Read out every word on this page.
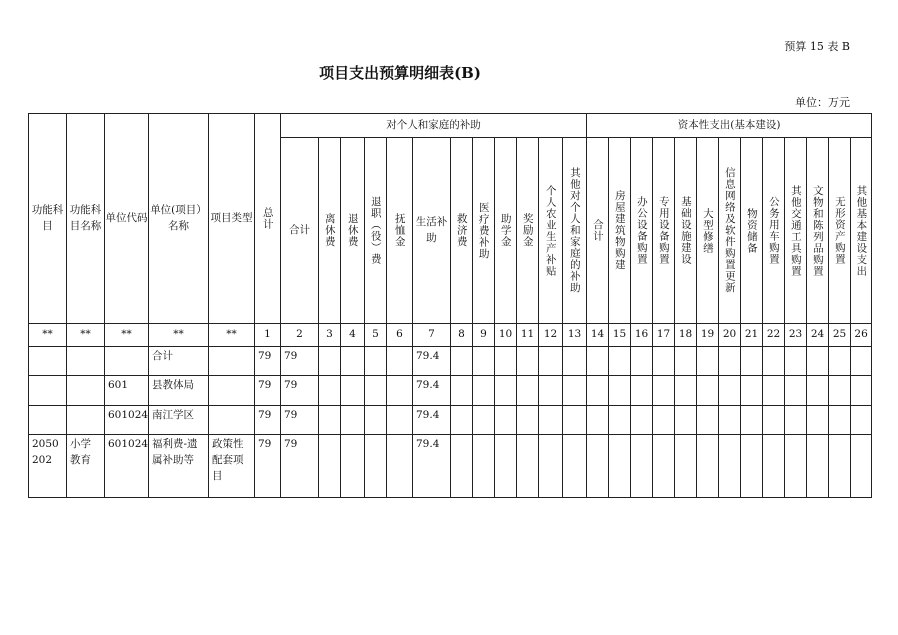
预算 15 表 B
项目支出预算明细表(B)
单位：万元
功能科目	功能科目名称	单位代码	单位(项目）名称	项目类型	总计	对个人和家庭的补助												资本性支出(基本建设)												
						合计	离休费	退休费	退职（役）费	抚恤金	生活补助	救济费	医疗费补助	助学金	奖励金	个人农业生产补贴	其他对个人和家庭的补助	合计	房屋建筑物购建	办公设备购置	专用设备购置	基础设施建设	大型修缮	信息网络及软件购置更新	物资储备	公务用车购置	其他交通工具购置	文物和陈列品购置	无形资产购置	其他基本建设支出

**	**	**	**	**	1	2	3	4	5	6	7	8	9	10	11	12	13	14	15	16	17	18	19	20	21	22	23	24	25	26
			合计		79	79					79.4																			
		601	县教体局		79	79					79.4																			
		601024	南江学区		79	79					79.4																			
2050202	小学教育	601024	福利费-遗属补助等	政策性配套项目	79	79					79.4																			
